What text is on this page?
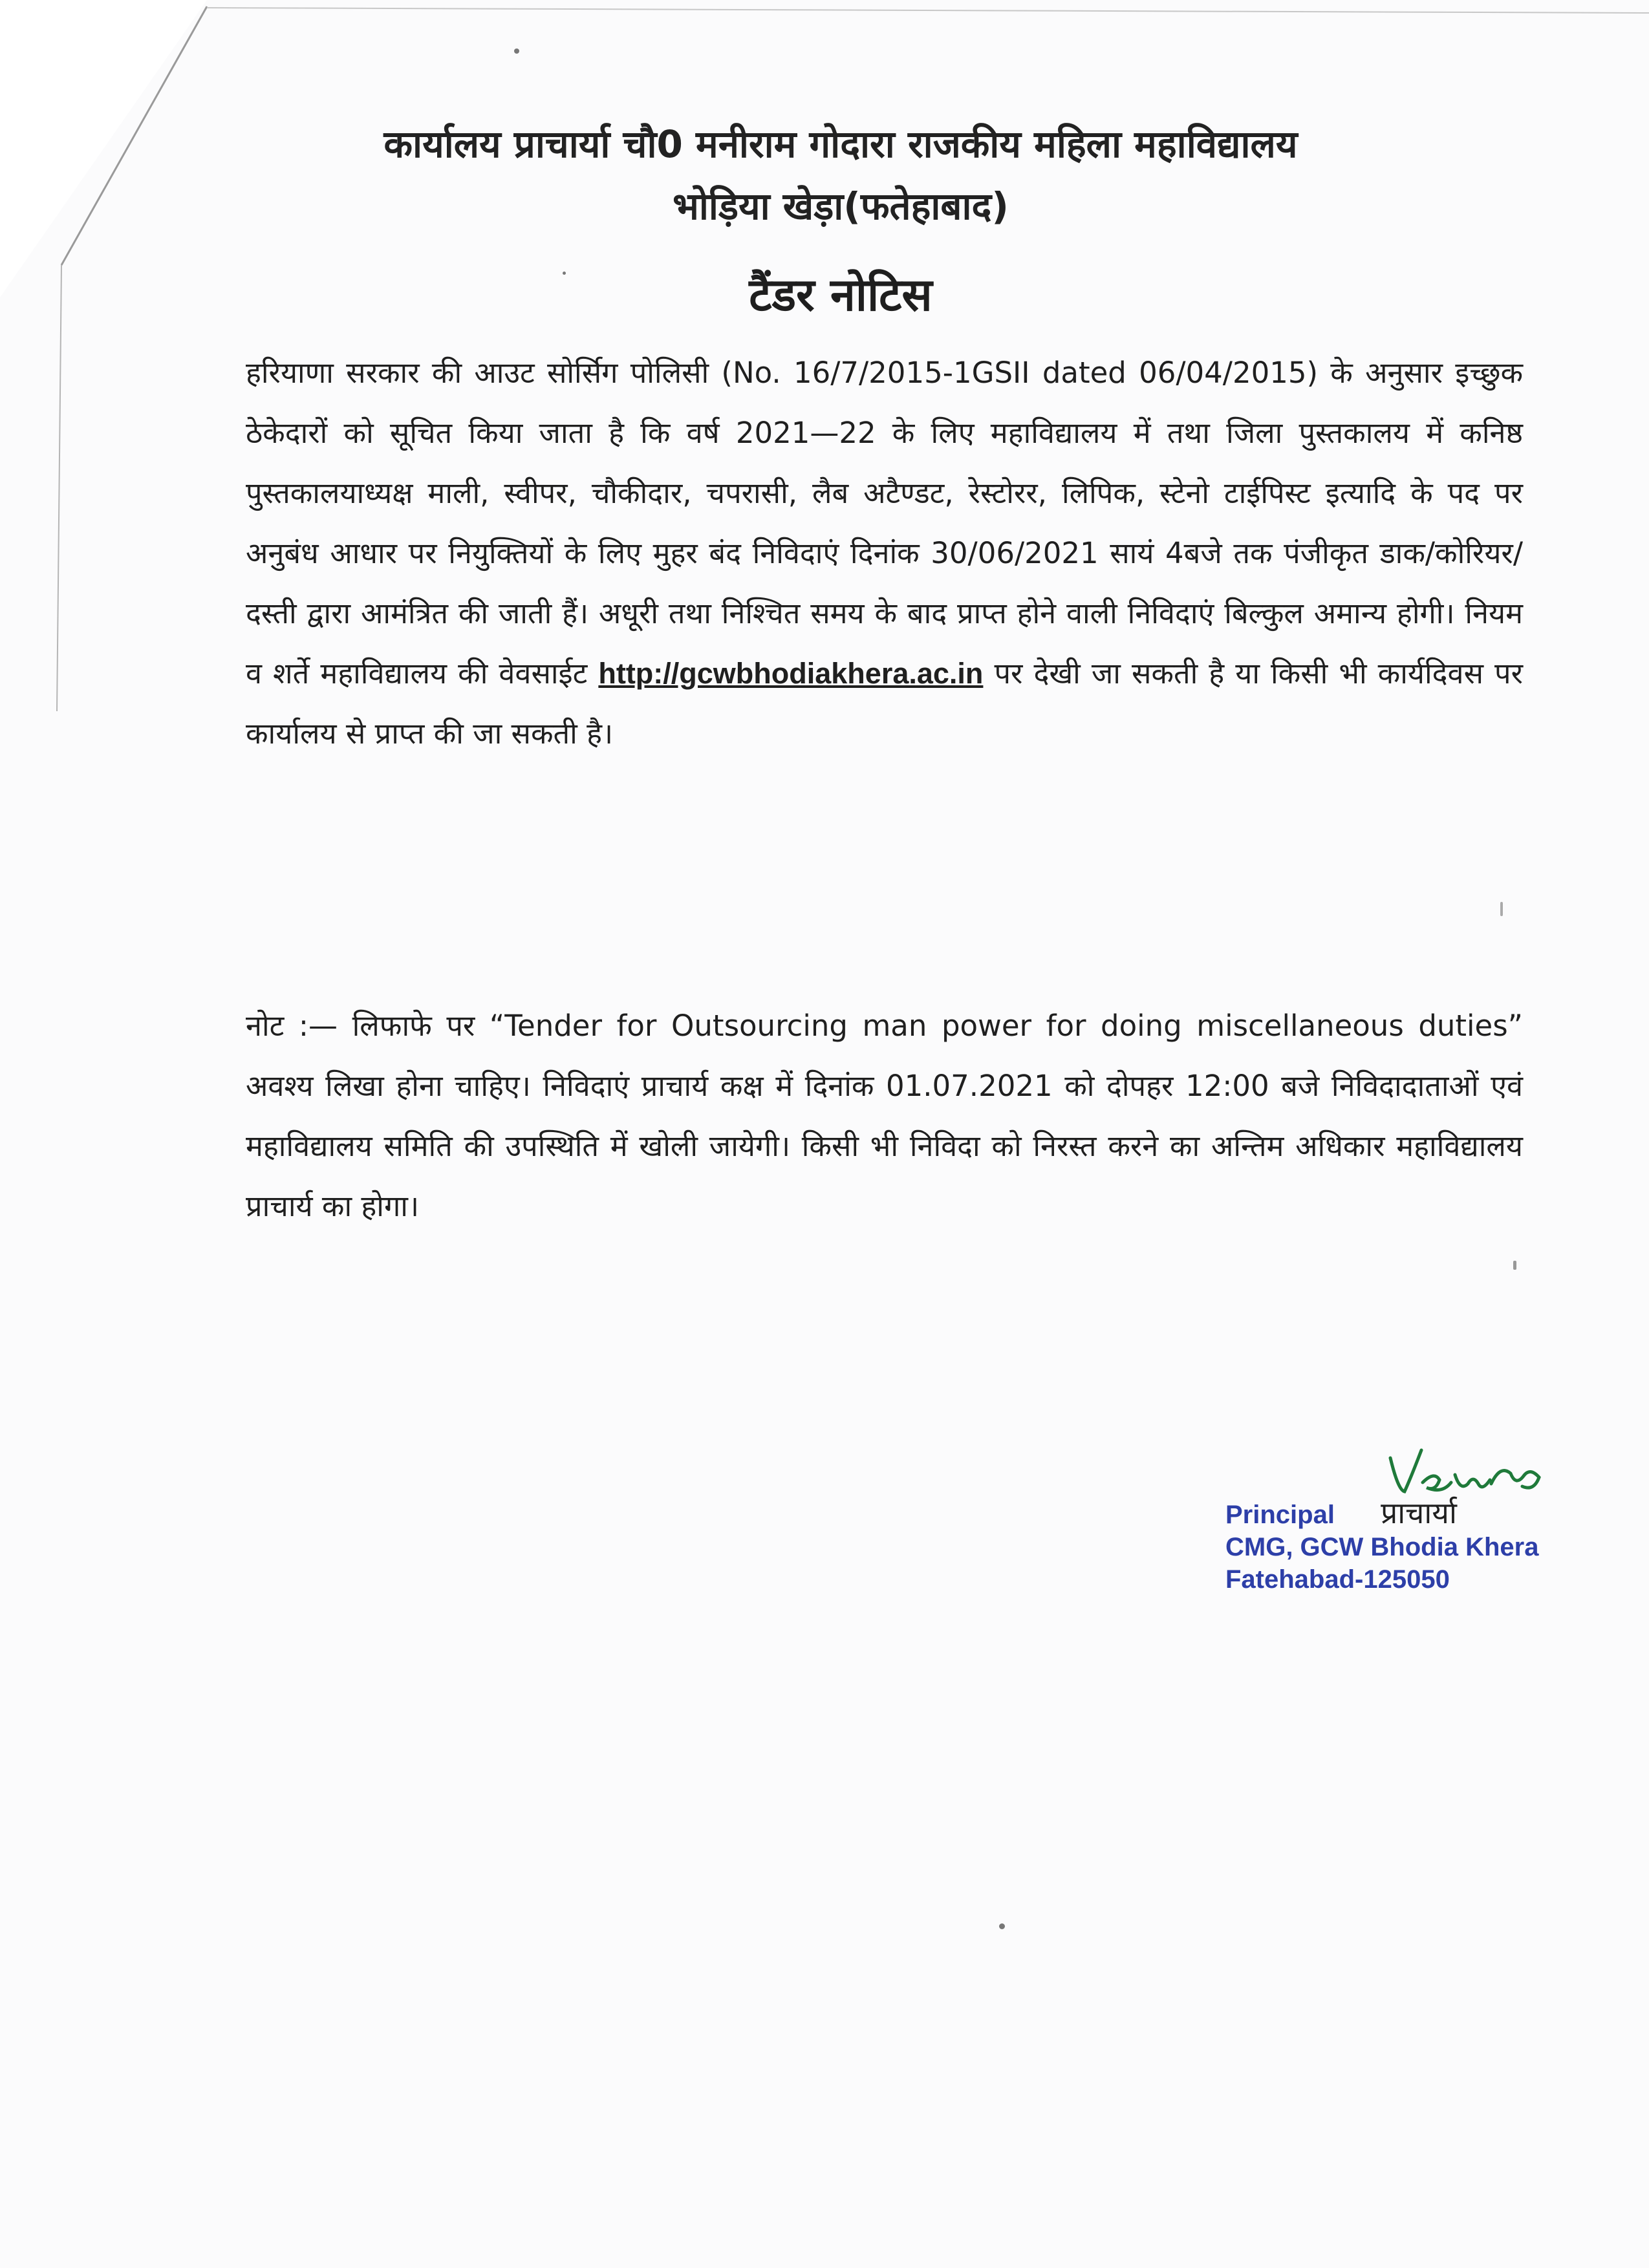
कार्यालय प्राचार्या चौ0 मनीराम गोदारा राजकीय महिला महाविद्यालय
भोड़िया खेड़ा(फतेहाबाद)
टैंडर नोटिस
हरियाणा सरकार की आउट सोर्सिग पोलिसी (No. 16/7/2015-1GSII dated 06/04/2015) के अनुसार इच्छुक ठेकेदारों को सूचित किया जाता है कि वर्ष 2021—22 के लिए महाविद्यालय में तथा जिला पुस्तकालय में कनिष्ठ पुस्तकालयाध्यक्ष माली, स्वीपर, चौकीदार, चपरासी, लैब अटैण्डट, रेस्टोरर, लिपिक, स्टेनो टाईपिस्ट इत्यादि के पद पर अनुबंध आधार पर नियुक्तियों के लिए मुहर बंद निविदाएं दिनांक 30/06/2021 सायं 4बजे तक पंजीकृत डाक/कोरियर/दस्ती द्वारा आमंत्रित की जाती हैं। अधूरी तथा निश्चित समय के बाद प्राप्त होने वाली निविदाएं बिल्कुल अमान्य होगी। नियम व शर्ते महाविद्यालय की वेवसाईट http://gcwbhodiakhera.ac.in पर देखी जा सकती है या किसी भी कार्यदिवस पर कार्यालय से प्राप्त की जा सकती है।
नोट :— लिफाफे पर “Tender for Outsourcing man power for doing miscellaneous duties” अवश्य लिखा होना चाहिए। निविदाएं प्राचार्य कक्ष में दिनांक 01.07.2021 को दोपहर 12:00 बजे निविदादाताओं एवं महाविद्यालय समिति की उपस्थिति में खोली जायेगी। किसी भी निविदा को निरस्त करने का अन्तिम अधिकार महाविद्यालय प्राचार्य का होगा।
Principal प्राचार्या
CMG, GCW Bhodia Khera
Fatehabad-125050
